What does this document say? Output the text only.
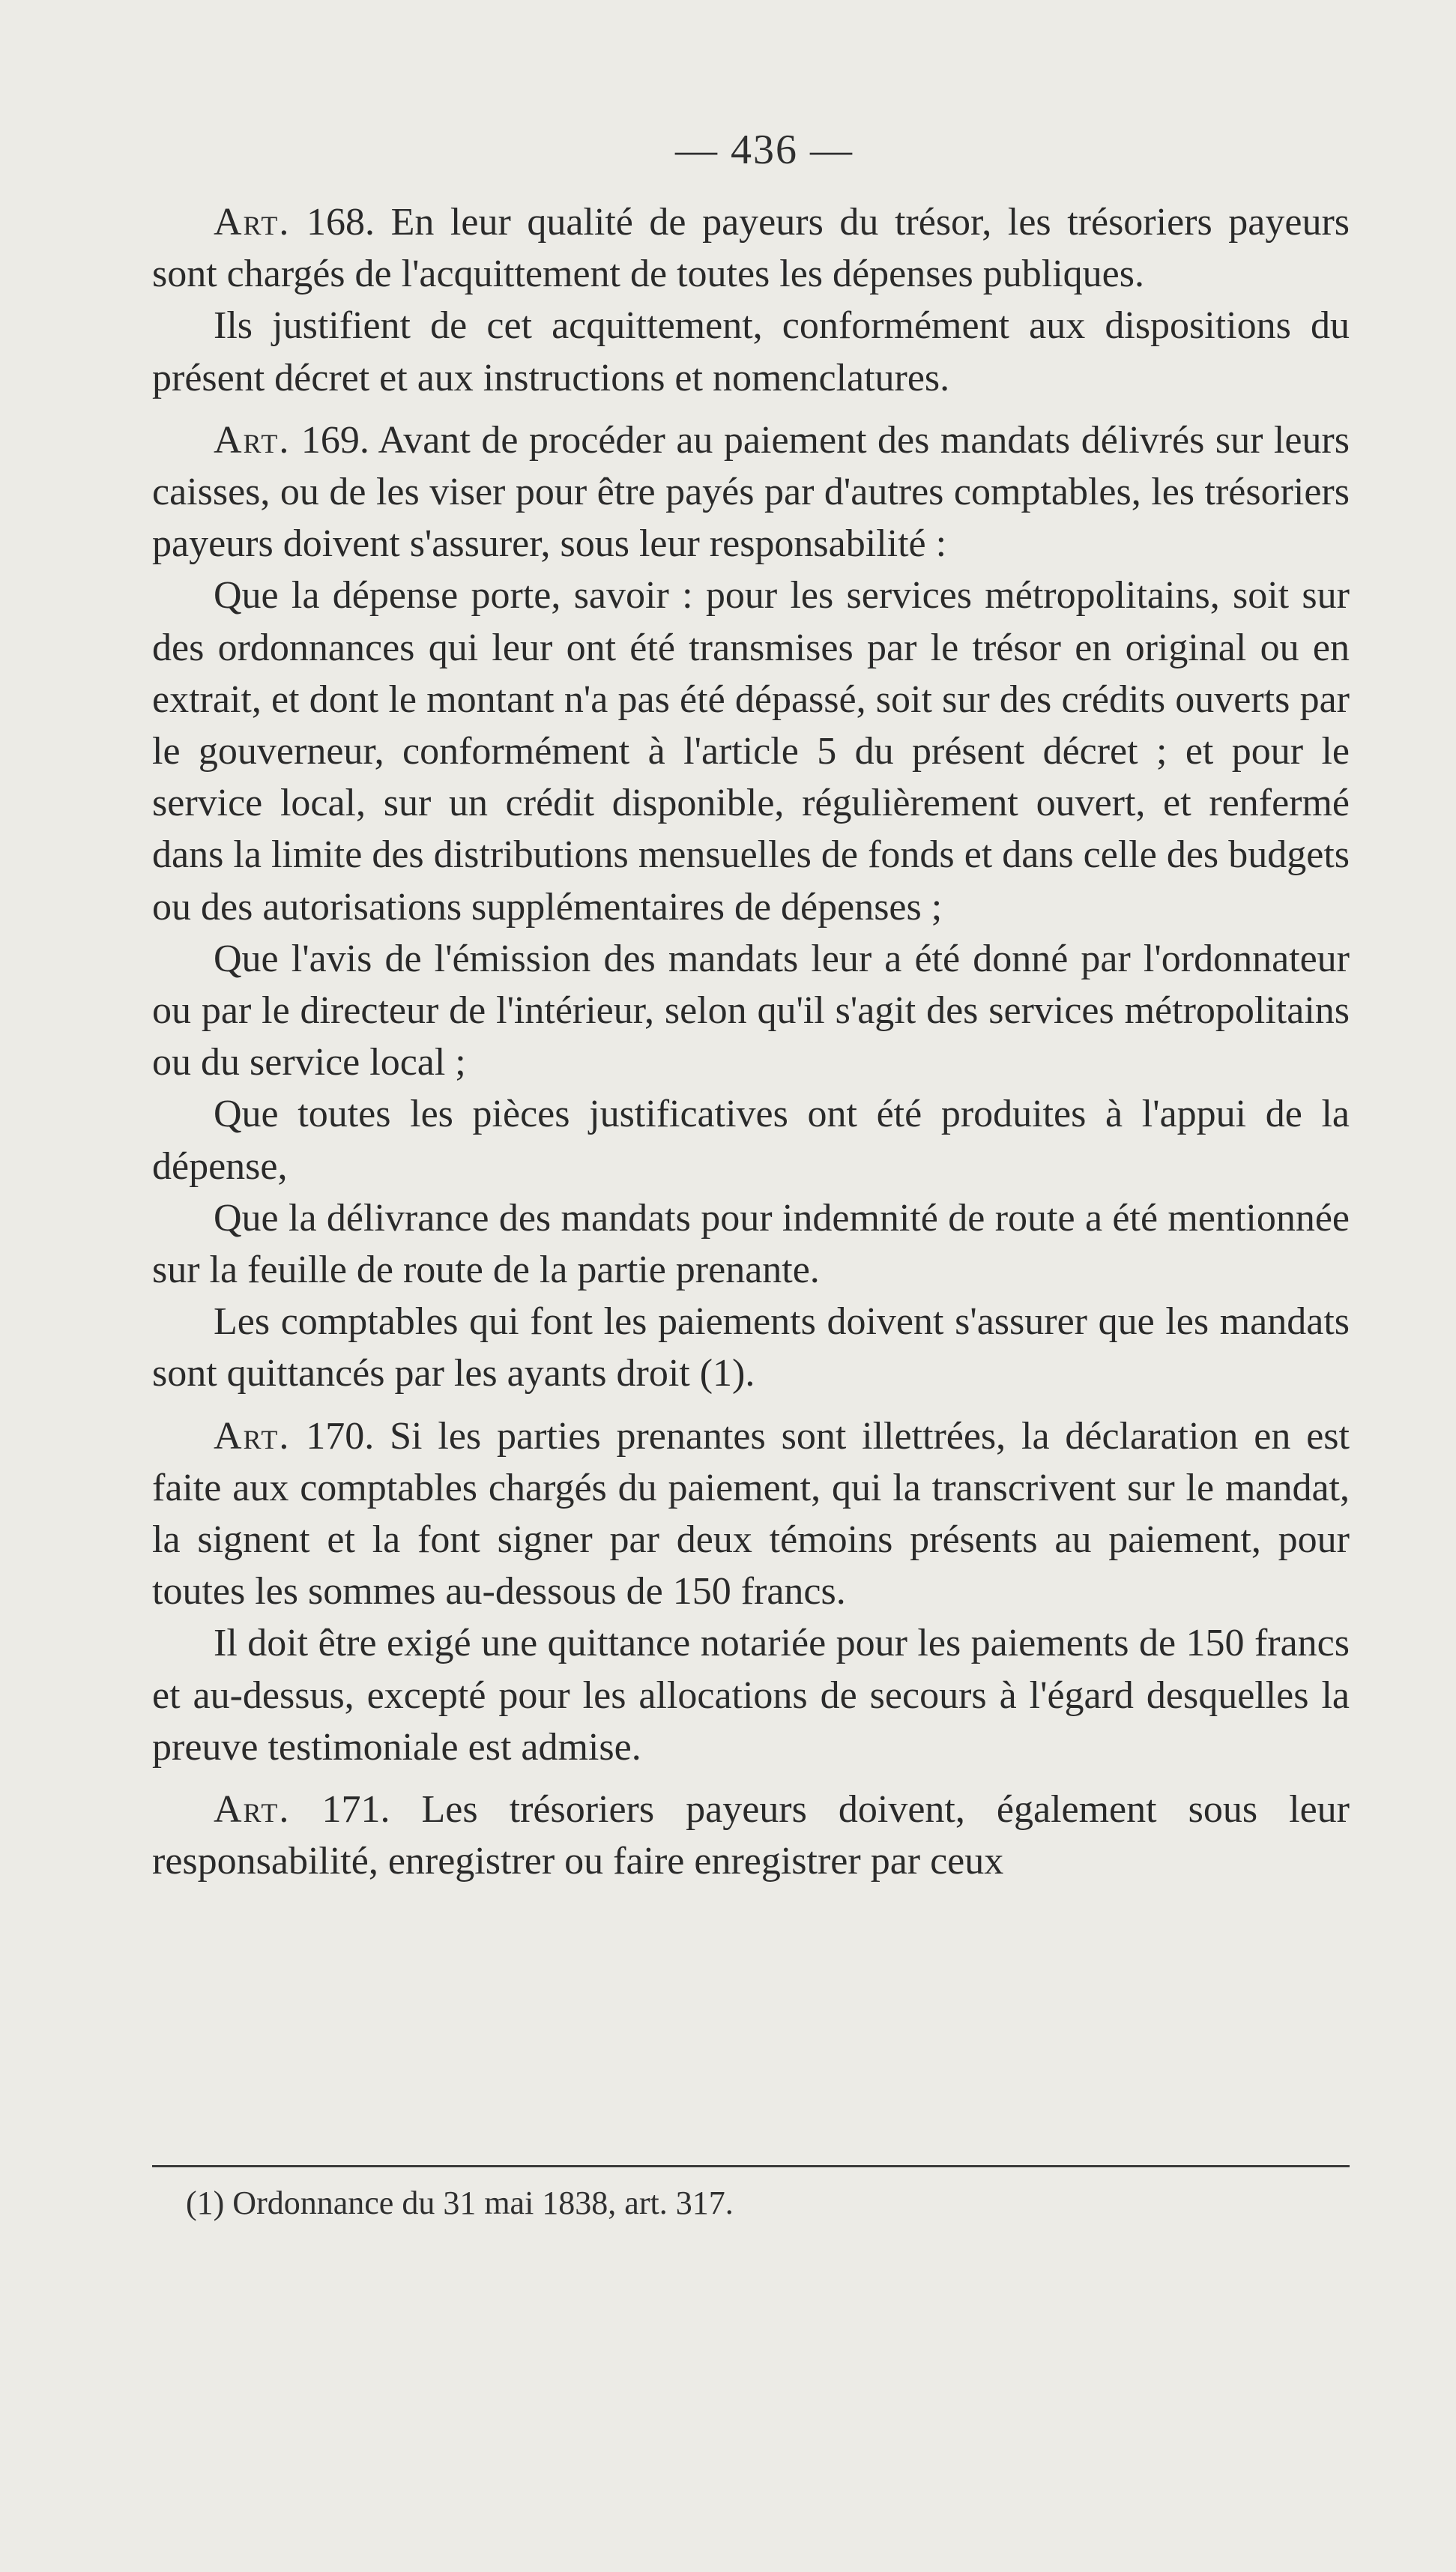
— 436 —

Art. 168. En leur qualité de payeurs du trésor, les trésoriers payeurs sont chargés de l'acquittement de toutes les dépenses publiques.

Ils justifient de cet acquittement, conformément aux dispositions du présent décret et aux instructions et nomenclatures.

Art. 169. Avant de procéder au paiement des mandats délivrés sur leurs caisses, ou de les viser pour être payés par d'autres comptables, les trésoriers payeurs doivent s'assurer, sous leur responsabilité :

Que la dépense porte, savoir : pour les services métropolitains, soit sur des ordonnances qui leur ont été transmises par le trésor en original ou en extrait, et dont le montant n'a pas été dépassé, soit sur des crédits ouverts par le gouverneur, conformément à l'article 5 du présent décret ; et pour le service local, sur un crédit disponible, régulièrement ouvert, et renfermé dans la limite des distributions mensuelles de fonds et dans celle des budgets ou des autorisations supplémentaires de dépenses ;

Que l'avis de l'émission des mandats leur a été donné par l'ordonnateur ou par le directeur de l'intérieur, selon qu'il s'agit des services métropolitains ou du service local ;

Que toutes les pièces justificatives ont été produites à l'appui de la dépense,

Que la délivrance des mandats pour indemnité de route a été mentionnée sur la feuille de route de la partie prenante.

Les comptables qui font les paiements doivent s'assurer que les mandats sont quittancés par les ayants droit (1).

Art. 170. Si les parties prenantes sont illettrées, la déclaration en est faite aux comptables chargés du paiement, qui la transcrivent sur le mandat, la signent et la font signer par deux témoins présents au paiement, pour toutes les sommes au-dessous de 150 francs.

Il doit être exigé une quittance notariée pour les paiements de 150 francs et au-dessus, excepté pour les allocations de secours à l'égard desquelles la preuve testimoniale est admise.

Art. 171. Les trésoriers payeurs doivent, également sous leur responsabilité, enregistrer ou faire enregistrer par ceux

(1) Ordonnance du 31 mai 1838, art. 317.
